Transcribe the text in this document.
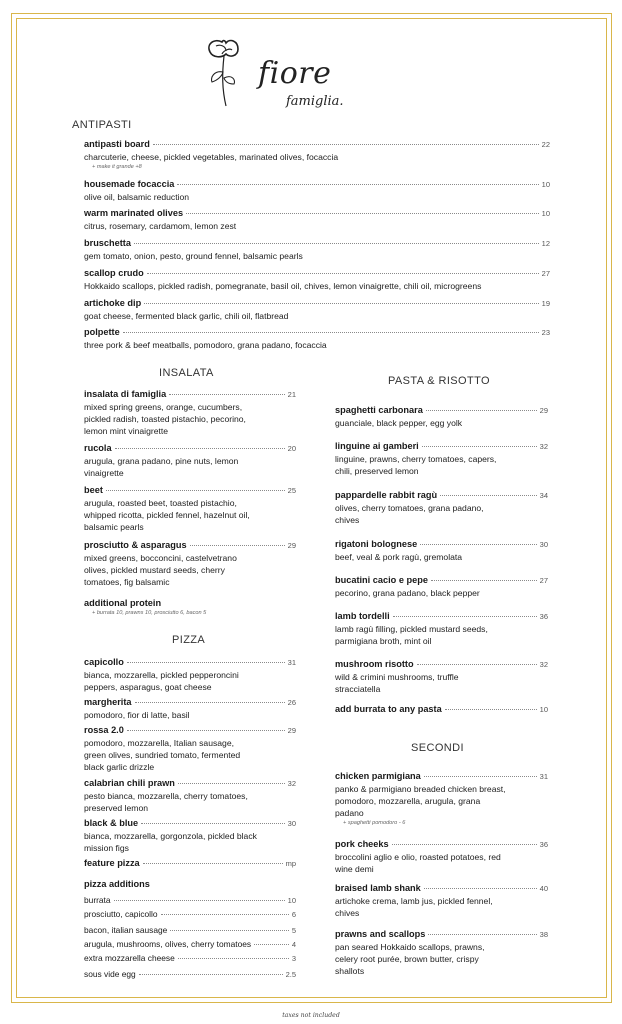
fiore
famiglia.
ANTIPASTI
antipasti board	22
charcuterie, cheese, pickled vegetables, marinated olives, focaccia
+ make it grande +8
housemade focaccia	10
olive oil, balsamic reduction
warm marinated olives	10
citrus, rosemary, cardamom, lemon zest
bruschetta	12
gem tomato, onion, pesto, ground fennel, balsamic pearls
scallop crudo	27
Hokkaido scallops, pickled radish, pomegranate, basil oil, chives, lemon vinaigrette, chili oil, microgreens
artichoke dip	19
goat cheese, fermented black garlic, chili oil, flatbread
polpette	23
three pork & beef meatballs, pomodoro, grana padano, focaccia
INSALATA
insalata di famiglia	21
mixed spring greens, orange, cucumbers,
pickled radish, toasted pistachio, pecorino,
lemon mint vinaigrette
rucola	20
arugula, grana padano, pine nuts, lemon
vinaigrette
beet	25
arugula, roasted beet, toasted pistachio,
whipped ricotta, pickled fennel, hazelnut oil,
balsamic pearls
prosciutto & asparagus	29
mixed greens, bocconcini, castelvetrano
olives, pickled mustard seeds, cherry
tomatoes, fig balsamic
additional protein
+ burrata 10, prawns 10, prosciutto 6, bacon 5
PIZZA
capicollo	31
bianca, mozzarella, pickled pepperoncini
peppers, asparagus, goat cheese
margherita	26
pomodoro, fior di latte, basil
rossa 2.0	29
pomodoro, mozzarella, Italian sausage,
green olives, sundried tomato, fermented
black garlic drizzle
calabrian chili prawn	32
pesto bianca, mozzarella, cherry tomatoes,
preserved lemon
black & blue	30
bianca, mozzarella, gorgonzola, pickled black
mission figs
feature pizza	mp
pizza additions
burrata	10
prosciutto, capicollo	6
bacon, italian sausage	5
arugula, mushrooms, olives, cherry tomatoes	4
extra mozzarella cheese	3
sous vide egg	2.5
PASTA & RISOTTO
spaghetti carbonara	29
guanciale, black pepper, egg yolk
linguine ai gamberi	32
linguine, prawns, cherry tomatoes, capers,
chili, preserved lemon
pappardelle rabbit ragù	34
olives, cherry tomatoes, grana padano,
chives
rigatoni bolognese	30
beef, veal & pork ragù, gremolata
bucatini cacio e pepe	27
pecorino, grana padano, black pepper
lamb tordelli	36
lamb ragù filling, pickled mustard seeds,
parmigiana broth, mint oil
mushroom risotto	32
wild & crimini mushrooms, truffle
stracciatella
add burrata to any pasta	10
SECONDI
chicken parmigiana	31
panko & parmigiano breaded chicken breast,
pomodoro, mozzarella, arugula, grana
padano
+ spaghetti pomodoro - 6
pork cheeks	36
broccolini aglio e olio, roasted potatoes, red
wine demi
braised lamb shank	40
artichoke crema, lamb jus, pickled fennel,
chives
prawns and scallops	38
pan seared Hokkaido scallops, prawns,
celery root purée, brown butter, crispy
shallots
taxes not included
